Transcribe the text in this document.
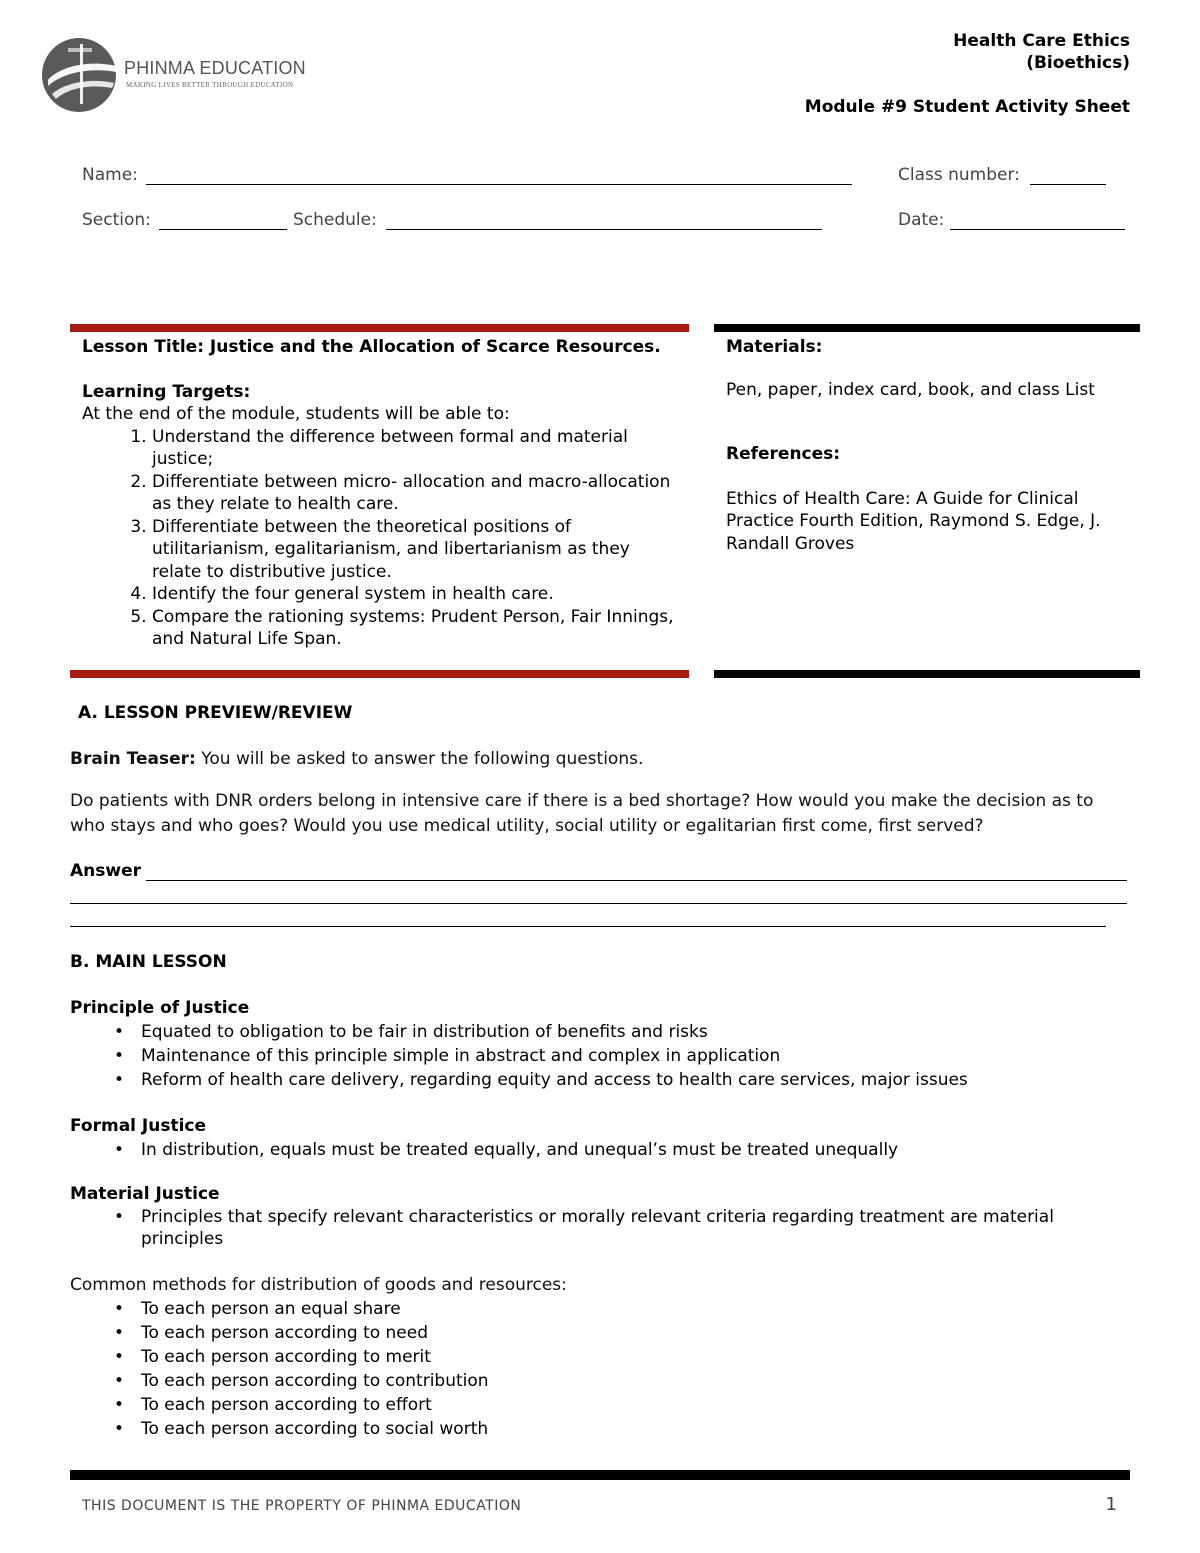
PHINMA EDUCATION
MAKING LIVES BETTER THROUGH EDUCATION
Health Care Ethics
(Bioethics)
Module #9 Student Activity Sheet
Name:	Class number:
Section:	Schedule:	Date:
Lesson Title: Justice and the Allocation of Scarce Resources.
Learning Targets:
At the end of the module, students will be able to:
1. Understand the difference between formal and material justice;
2. Differentiate between micro- allocation and macro-allocation as they relate to health care.
3. Differentiate between the theoretical positions of utilitarianism, egalitarianism, and libertarianism as they relate to distributive justice.
4. Identify the four general system in health care.
5. Compare the rationing systems: Prudent Person, Fair Innings, and Natural Life Span.
Materials:
Pen, paper, index card, book, and class List
References:
Ethics of Health Care: A Guide for Clinical Practice Fourth Edition, Raymond S. Edge, J. Randall Groves
A. LESSON PREVIEW/REVIEW
Brain Teaser: You will be asked to answer the following questions.
Do patients with DNR orders belong in intensive care if there is a bed shortage? How would you make the decision as to who stays and who goes? Would you use medical utility, social utility or egalitarian first come, first served?
Answer
B. MAIN LESSON
Principle of Justice
• Equated to obligation to be fair in distribution of benefits and risks
• Maintenance of this principle simple in abstract and complex in application
• Reform of health care delivery, regarding equity and access to health care services, major issues
Formal Justice
• In distribution, equals must be treated equally, and unequal’s must be treated unequally
Material Justice
• Principles that specify relevant characteristics or morally relevant criteria regarding treatment are material principles
Common methods for distribution of goods and resources:
• To each person an equal share
• To each person according to need
• To each person according to merit
• To each person according to contribution
• To each person according to effort
• To each person according to social worth
THIS DOCUMENT IS THE PROPERTY OF PHINMA EDUCATION	1
